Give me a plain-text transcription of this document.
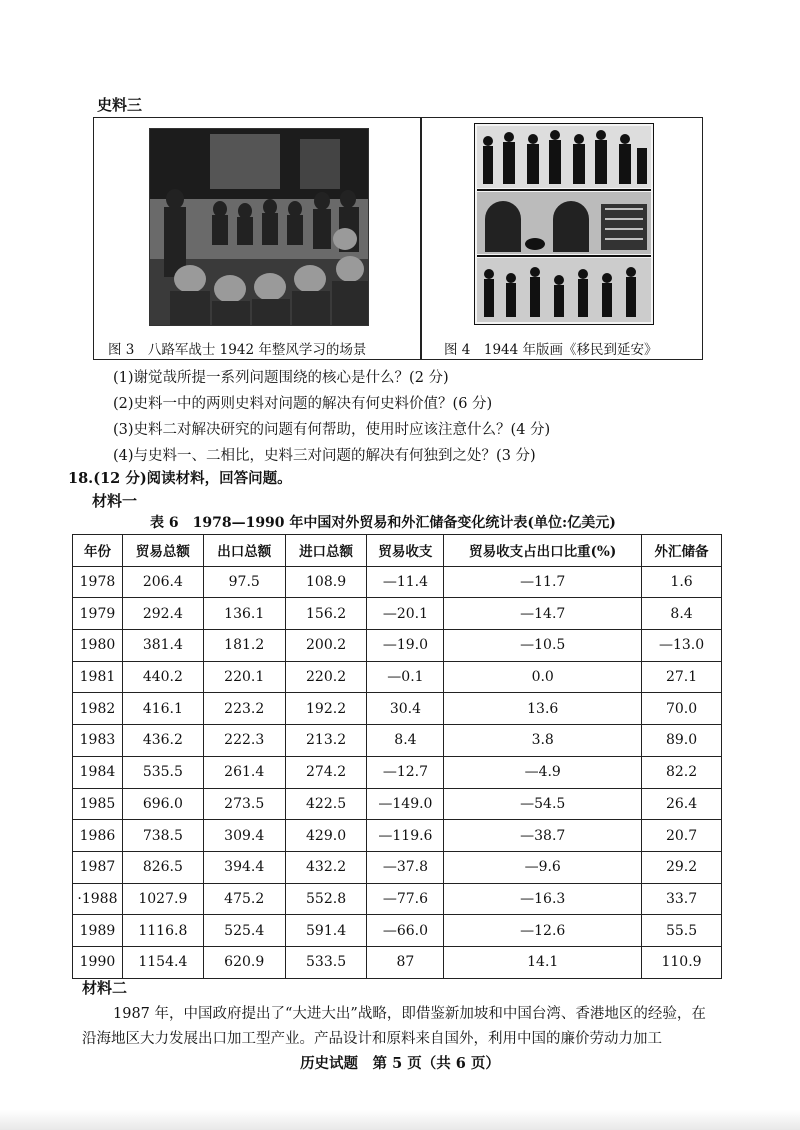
史料三
图 3　八路军战士 1942 年整风学习的场景	图 4　1944 年版画《移民到延安》
(1)谢觉哉所提一系列问题围绕的核心是什么？(2 分)
(2)史料一中的两则史料对问题的解决有何史料价值？(6 分)
(3)史料二对解决研究的问题有何帮助，使用时应该注意什么？(4 分)
(4)与史料一、二相比，史料三对问题的解决有何独到之处？(3 分)
18.(12 分)阅读材料，回答问题。
材料一
表 6　1978—1990 年中国对外贸易和外汇储备变化统计表(单位:亿美元)
年份	贸易总额	出口总额	进口总额	贸易收支	贸易收支占出口比重(%)	外汇储备
1978	206.4	97.5	108.9	—11.4	—11.7	1.6
1979	292.4	136.1	156.2	—20.1	—14.7	8.4
1980	381.4	181.2	200.2	—19.0	—10.5	—13.0
1981	440.2	220.1	220.2	—0.1	0.0	27.1
1982	416.1	223.2	192.2	30.4	13.6	70.0
1983	436.2	222.3	213.2	8.4	3.8	89.0
1984	535.5	261.4	274.2	—12.7	—4.9	82.2
1985	696.0	273.5	422.5	—149.0	—54.5	26.4
1986	738.5	309.4	429.0	—119.6	—38.7	20.7
1987	826.5	394.4	432.2	—37.8	—9.6	29.2
·1988	1027.9	475.2	552.8	—77.6	—16.3	33.7
1989	1116.8	525.4	591.4	—66.0	—12.6	55.5
1990	1154.4	620.9	533.5	87	14.1	110.9
材料二
1987 年，中国政府提出了“大进大出”战略，即借鉴新加坡和中国台湾、香港地区的经验，在
沿海地区大力发展出口加工型产业。产品设计和原料来自国外，利用中国的廉价劳动力加工
历史试题　第 5 页（共 6 页）
